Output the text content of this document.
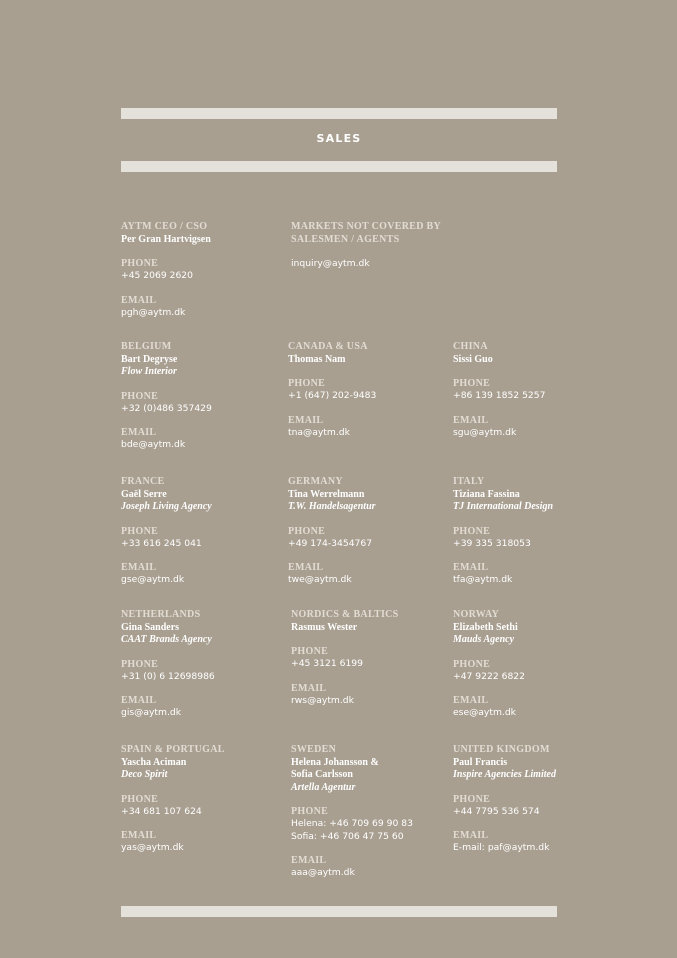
SALES
AYTM CEO / CSO
Per Gran Hartvigsen
PHONE
+45 2069 2620
EMAIL
pgh@aytm.dk
MARKETS NOT COVERED BY
SALESMEN / AGENTS
inquiry@aytm.dk
BELGIUM
Bart Degryse
Flow Interior
PHONE
+32 (0)486 357429
EMAIL
bde@aytm.dk
CANADA & USA
Thomas Nam
PHONE
+1 (647) 202-9483
EMAIL
tna@aytm.dk
CHINA
Sissi Guo
PHONE
+86 139 1852 5257
EMAIL
sgu@aytm.dk
FRANCE
Gaël Serre
Joseph Living Agency
PHONE
+33 616 245 041
EMAIL
gse@aytm.dk
GERMANY
Tina Werrelmann
T.W. Handelsagentur
PHONE
+49 174-3454767
EMAIL
twe@aytm.dk
ITALY
Tiziana Fassina
TJ International Design
PHONE
+39 335 318053
EMAIL
tfa@aytm.dk
NETHERLANDS
Gina Sanders
CAAT Brands Agency
PHONE
+31 (0) 6 12698986
EMAIL
gis@aytm.dk
NORDICS & BALTICS
Rasmus Wester
PHONE
+45 3121 6199
EMAIL
rws@aytm.dk
NORWAY
Elizabeth Sethi
Mauds Agency
PHONE
+47 9222 6822
EMAIL
ese@aytm.dk
SPAIN & PORTUGAL
Yascha Aciman
Deco Spirit
PHONE
+34 681 107 624
EMAIL
yas@aytm.dk
SWEDEN
Helena Johansson &
Sofia Carlsson
Artella Agentur
PHONE
Helena: +46 709 69 90 83
Sofia: +46 706 47 75 60
EMAIL
aaa@aytm.dk
UNITED KINGDOM
Paul Francis
Inspire Agencies Limited
PHONE
+44 7795 536 574
EMAIL
E-mail: paf@aytm.dk
